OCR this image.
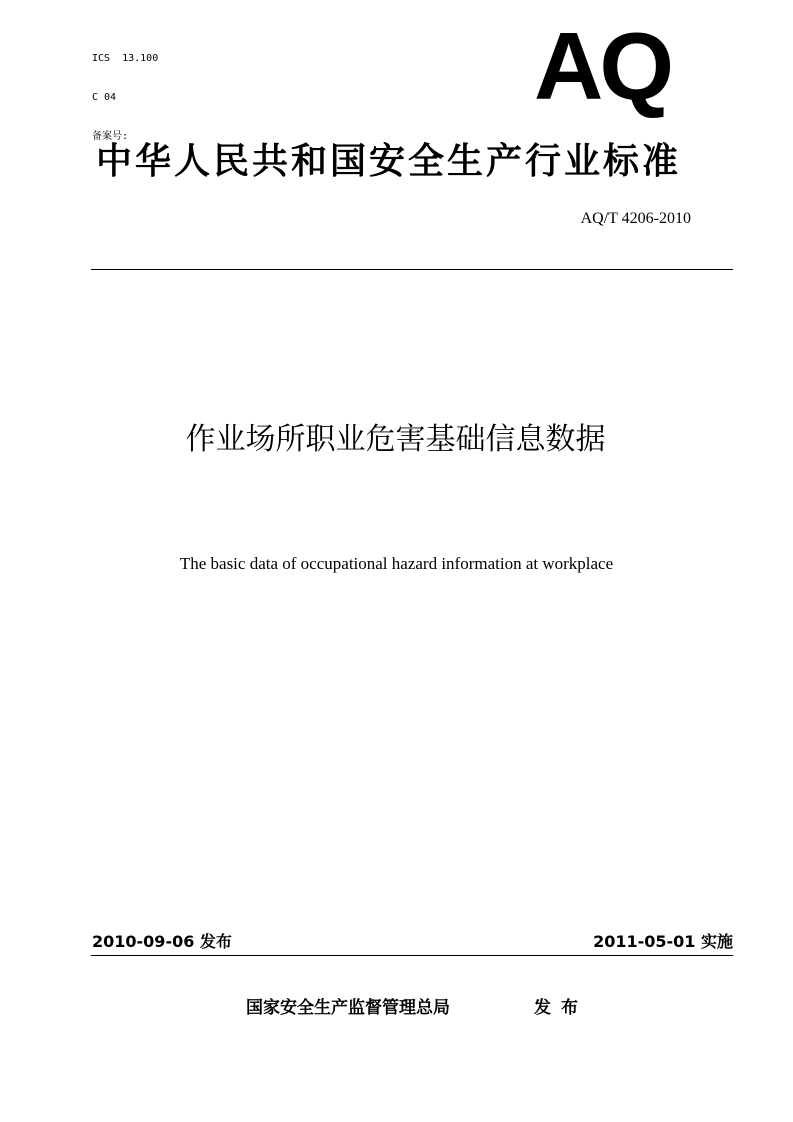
ICS  13.100

C 04

备案号:

AQ
中华人民共和国安全生产行业标准
AQ/T 4206-2010
作业场所职业危害基础信息数据
The basic data of occupational hazard information at workplace
2010-09-06 发布	2011-05-01 实施
国家安全生产监督管理总局	发布
